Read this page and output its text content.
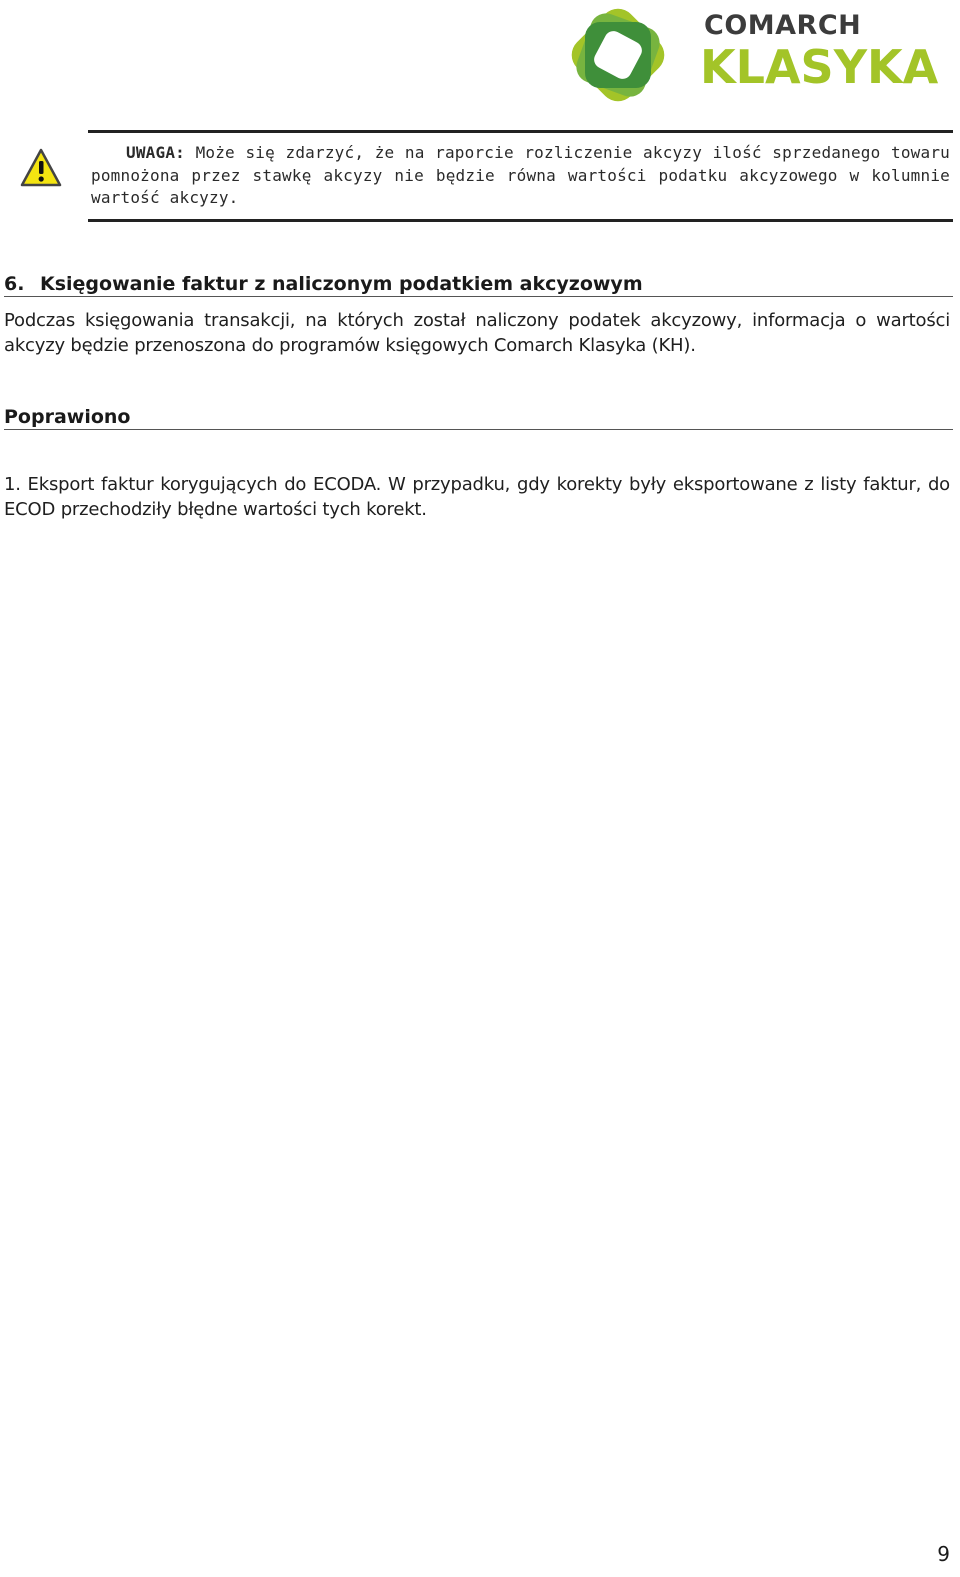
COMARCH
KLASYKA
UWAGA: Może się zdarzyć, że na raporcie rozliczenie akcyzy ilość sprzedanego towaru pomnożona przez stawkę akcyzy nie będzie równa wartości podatku akcyzowego w kolumnie wartość akcyzy.
6. Księgowanie faktur z naliczonym podatkiem akcyzowym
Podczas księgowania transakcji, na których został naliczony podatek akcyzowy, informacja o wartości akcyzy będzie przenoszona do programów księgowych Comarch Klasyka (KH).
Poprawiono
1. Eksport faktur korygujących do ECODA. W przypadku, gdy korekty były eksportowane z listy faktur, do ECOD przechodziły błędne wartości tych korekt.
9
